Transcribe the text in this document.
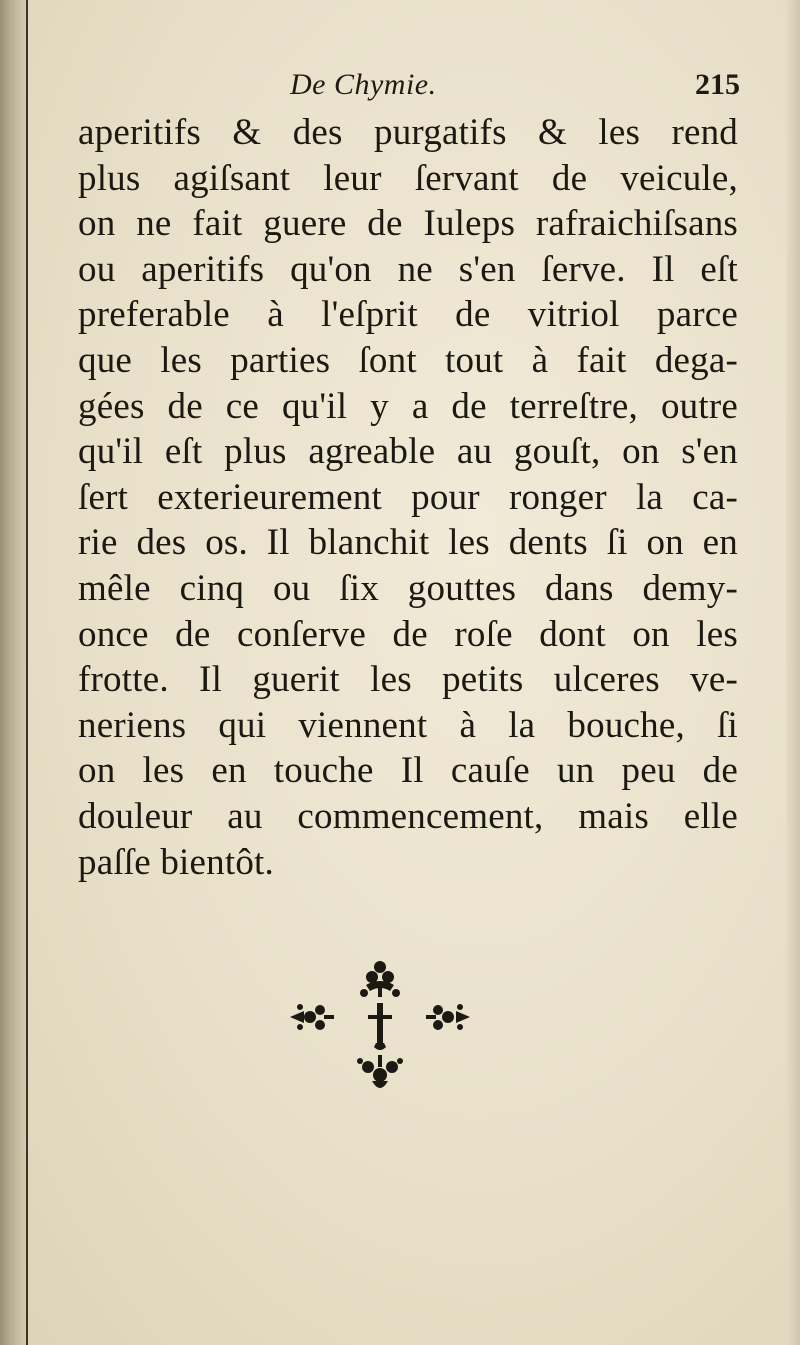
De Chymie.	215
aperitifs & des purgatifs & les rend
plus agiſsant leur ſervant de veicule,
on ne fait guere de Iuleps rafraichiſsans
ou aperitifs qu'on ne s'en ſerve. Il eſt
preferable à l'eſprit de vitriol parce
que les parties ſont tout à fait dega-
gées de ce qu'il y a de terreſtre, outre
qu'il eſt plus agreable au gouſt, on s'en
ſert exterieurement pour ronger la ca-
rie des os. Il blanchit les dents ſi on en
mêle cinq ou ſix gouttes dans demy-
once de conſerve de roſe dont on les
frotte. Il guerit les petits ulceres ve-
neriens qui viennent à la bouche, ſi
on les en touche Il cauſe un peu de
douleur au commencement, mais elle
paſſe bientôt.
